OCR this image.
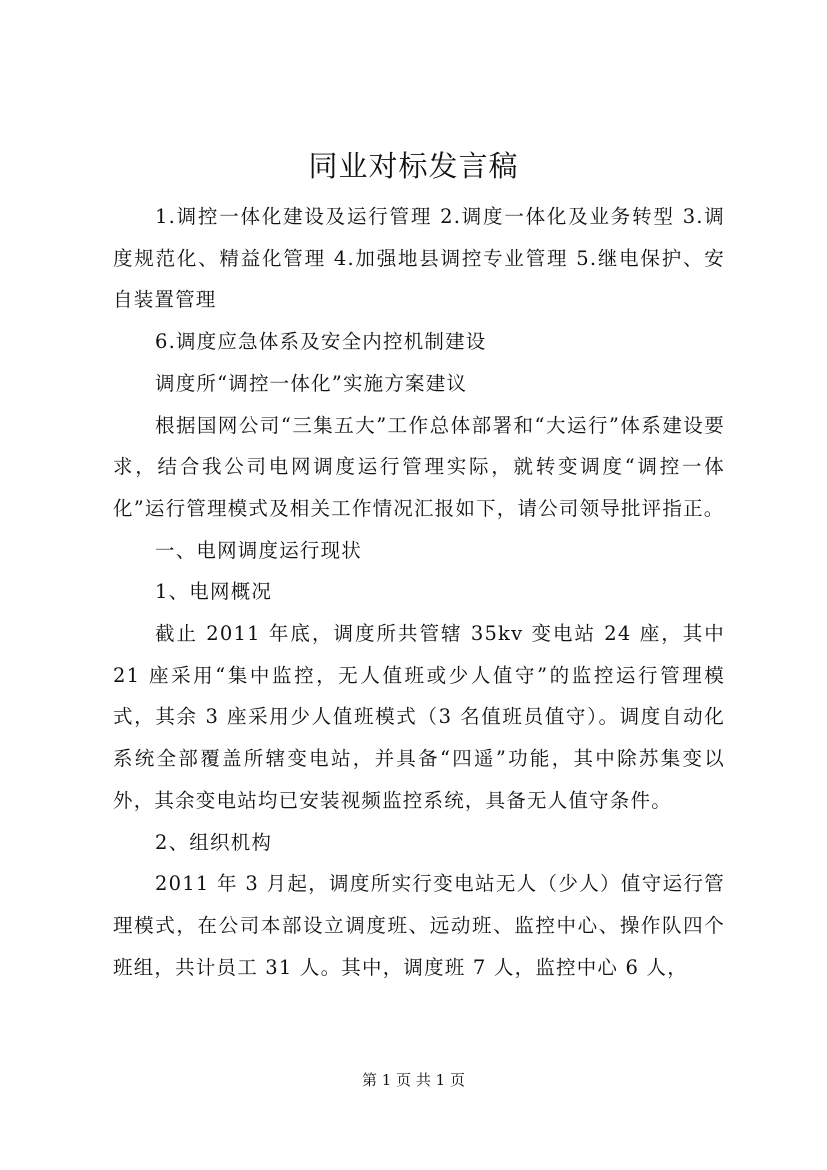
同业对标发言稿

1.调控一体化建设及运行管理 2.调度一体化及业务转型 3.调度规范化、精益化管理 4.加强地县调控专业管理 5.继电保护、安自装置管理

6.调度应急体系及安全内控机制建设

调度所“调控一体化”实施方案建议

根据国网公司“三集五大”工作总体部署和“大运行”体系建设要求，结合我公司电网调度运行管理实际，就转变调度“调控一体化”运行管理模式及相关工作情况汇报如下，请公司领导批评指正。

一、电网调度运行现状

1、电网概况

截止 2011 年底，调度所共管辖 35kv 变电站 24 座，其中 21 座采用“集中监控，无人值班或少人值守”的监控运行管理模式，其余 3 座采用少人值班模式（3 名值班员值守）。调度自动化系统全部覆盖所辖变电站，并具备“四遥”功能，其中除苏集变以外，其余变电站均已安装视频监控系统，具备无人值守条件。

2、组织机构

2011 年 3 月起，调度所实行变电站无人（少人）值守运行管理模式，在公司本部设立调度班、远动班、监控中心、操作队四个班组，共计员工 31 人。其中，调度班 7 人，监控中心 6 人，

第 1 页 共 1 页
